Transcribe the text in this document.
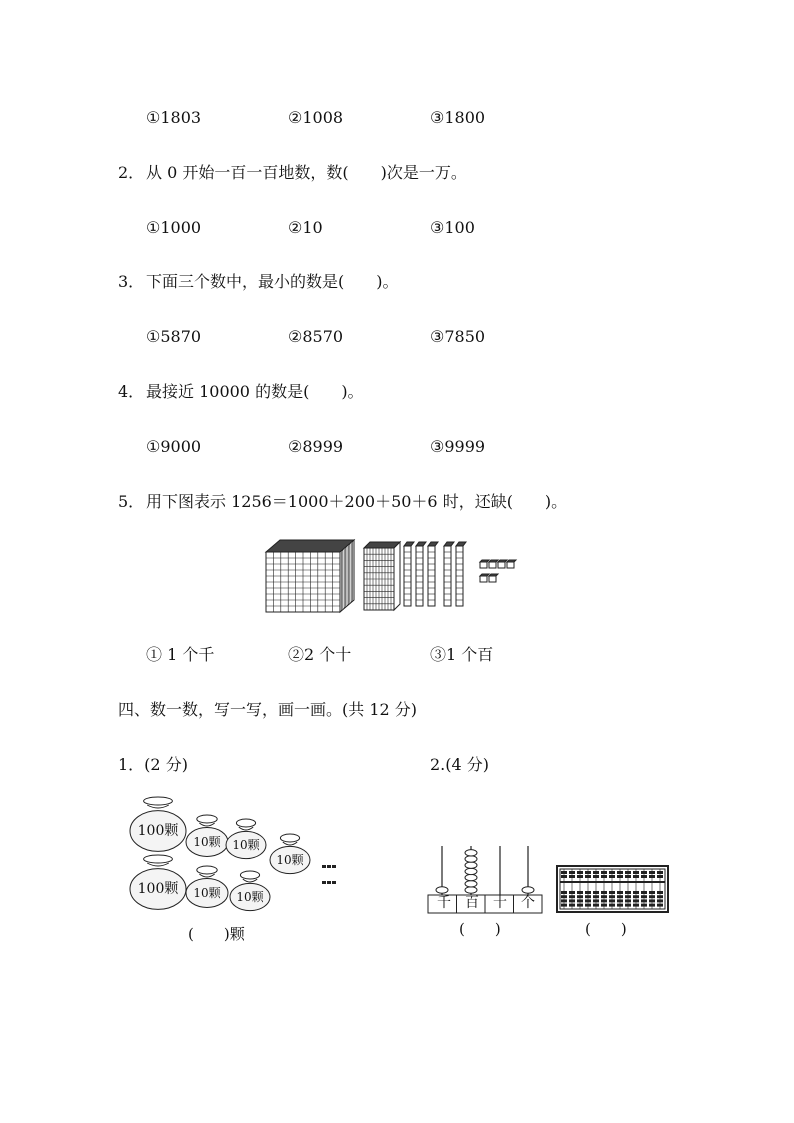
①1803	②1008	③1800
2． 从 0 开始一百一百地数，数(　　)次是一万。
①1000	②10	③100
3． 下面三个数中，最小的数是(　　)。
①5870	②8570	③7850
4． 最接近 10000 的数是(　　)。
①9000	②8999	③9999
5． 用下图表示 1256＝1000＋200＋50＋6 时，还缺(　　)。
① 1 个千	②2 个十	③1 个百
四、数一数，写一写，画一画。(共 12 分)
1．(2 分)	2.(4 分)
100颗
10颗 10颗
10颗
100颗 10颗 10颗
(　　)颗
千 百 十 个
(　　)	(　　)
